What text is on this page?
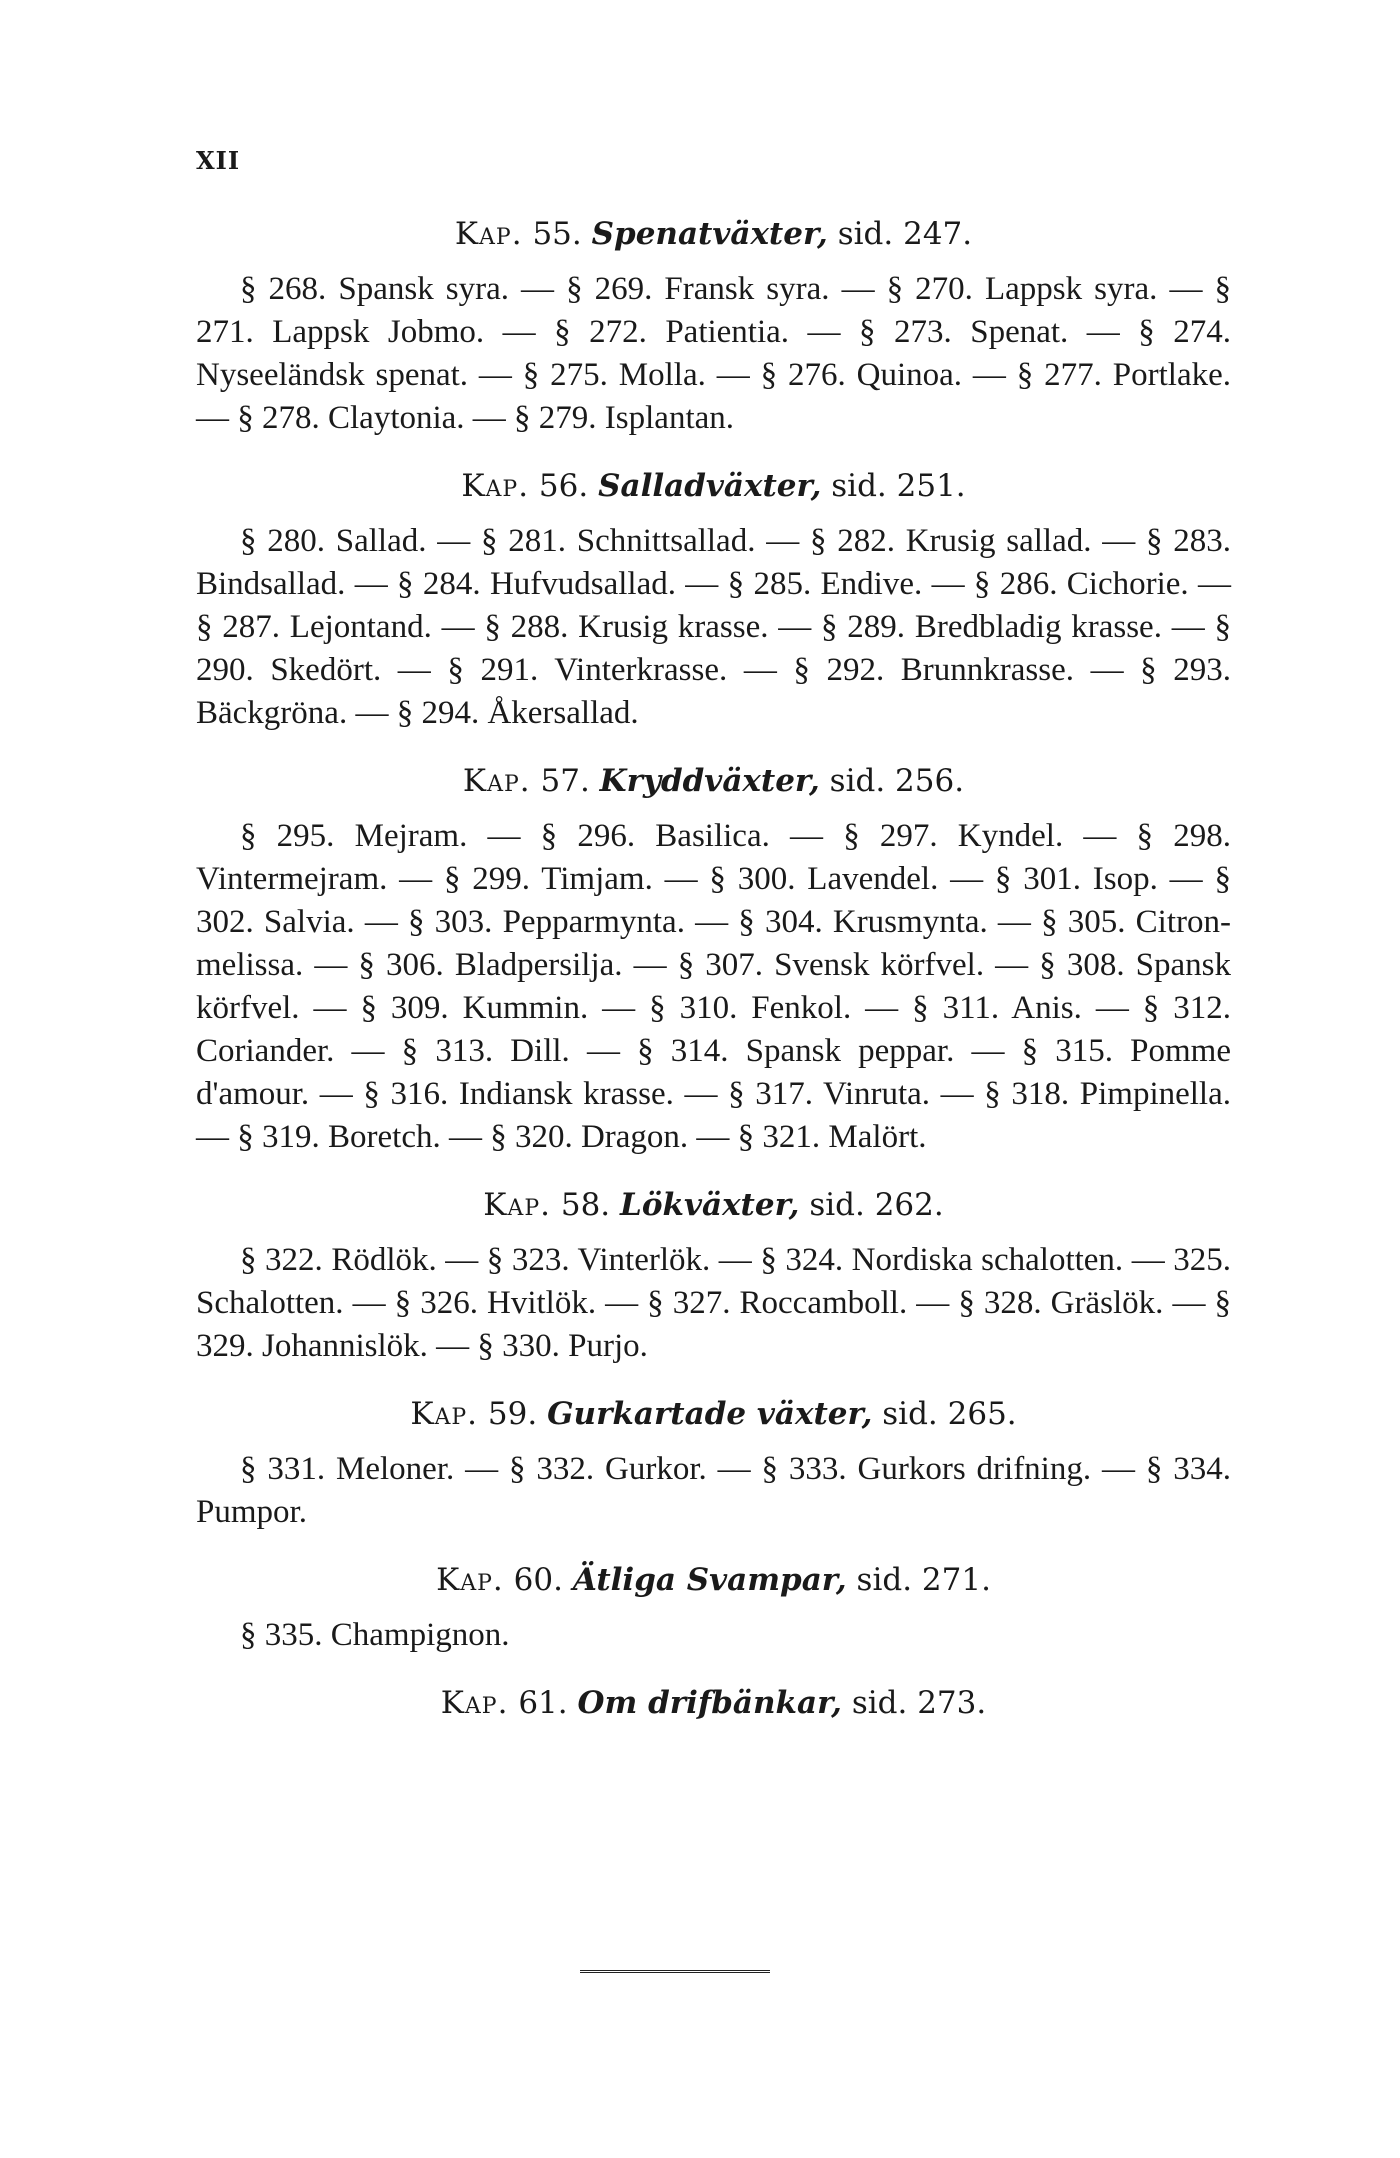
XII
Kap. 55. Spenatväxter, sid. 247.
§ 268. Spansk syra. — § 269. Fransk syra. — § 270. Lappsk syra. — § 271. Lappsk Jobmo. — § 272. Patientia. — § 273. Spenat. — § 274. Nyseeländsk spenat. — § 275. Molla. — § 276. Quinoa. — § 277. Portlake. — § 278. Claytonia. — § 279. Isplantan.
Kap. 56. Salladväxter, sid. 251.
§ 280. Sallad. — § 281. Schnittsallad. — § 282. Krusig sallad. — § 283. Bindsallad. — § 284. Hufvudsallad. — § 285. Endive. — § 286. Cichorie. — § 287. Lejontand. — § 288. Krusig krasse. — § 289. Bredbladig krasse. — § 290. Skedört. — § 291. Vinterkrasse. — § 292. Brunnkrasse. — § 293. Bäckgröna. — § 294. Åkersallad.
Kap. 57. Kryddväxter, sid. 256.
§ 295. Mejram. — § 296. Basilica. — § 297. Kyndel. — § 298. Vintermejram. — § 299. Timjam. — § 300. Lavendel. — § 301. Isop. — § 302. Salvia. — § 303. Pepparmynta. — § 304. Krusmynta. — § 305. Citron-melissa. — § 306. Bladpersilja. — § 307. Svensk körfvel. — § 308. Spansk körfvel. — § 309. Kummin. — § 310. Fenkol. — § 311. Anis. — § 312. Coriander. — § 313. Dill. — § 314. Spansk peppar. — § 315. Pomme d'amour. — § 316. Indiansk krasse. — § 317. Vinruta. — § 318. Pimpinella. — § 319. Boretch. — § 320. Dragon. — § 321. Malört.
Kap. 58. Lökväxter, sid. 262.
§ 322. Rödlök. — § 323. Vinterlök. — § 324. Nordiska schalotten. — 325. Schalotten. — § 326. Hvitlök. — § 327. Roccamboll. — § 328. Gräslök. — § 329. Johannislök. — § 330. Purjo.
Kap. 59. Gurkartade växter, sid. 265.
§ 331. Meloner. — § 332. Gurkor. — § 333. Gurkors drifning. — § 334. Pumpor.
Kap. 60. Ätliga Svampar, sid. 271.
§ 335. Champignon.
Kap. 61. Om drifbänkar, sid. 273.
